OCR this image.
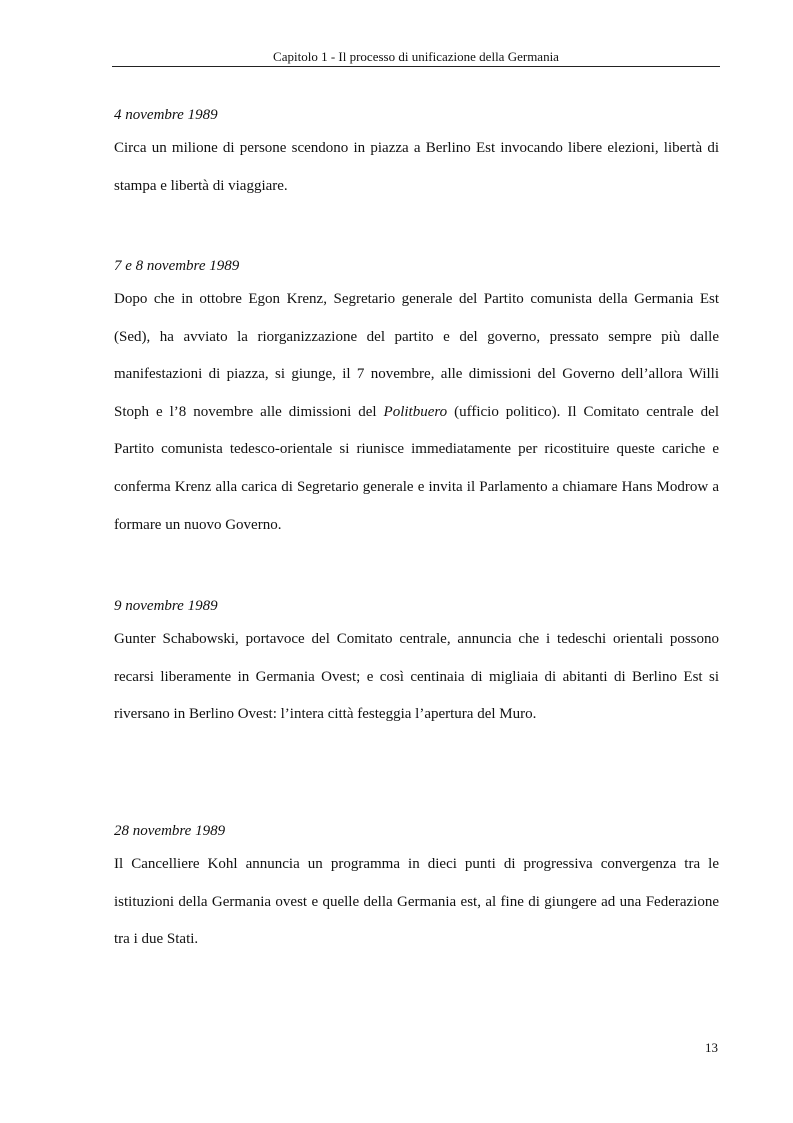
Capitolo 1 - Il processo di unificazione della Germania
4 novembre 1989

Circa un milione di persone scendono in piazza a Berlino Est invocando libere elezioni, libertà di stampa e libertà di viaggiare.

7 e 8 novembre 1989

Dopo che in ottobre Egon Krenz, Segretario generale del Partito comunista della Germania Est (Sed), ha avviato la riorganizzazione del partito e del governo, pressato sempre più dalle manifestazioni di piazza, si giunge, il 7 novembre, alle dimissioni del Governo dell’allora Willi Stoph e l’8 novembre alle dimissioni del Politbuero (ufficio politico). Il Comitato centrale del Partito comunista tedesco-orientale si riunisce immediatamente per ricostituire queste cariche e conferma Krenz alla carica di Segretario generale e invita il Parlamento a chiamare Hans Modrow a formare un nuovo Governo.

9 novembre 1989

Gunter Schabowski, portavoce del Comitato centrale, annuncia che i tedeschi orientali possono recarsi liberamente in Germania Ovest; e così centinaia di migliaia di abitanti di Berlino Est si riversano in Berlino Ovest: l’intera città festeggia l’apertura del Muro.

28 novembre 1989

Il Cancelliere Kohl annuncia un programma in dieci punti di progressiva convergenza tra le istituzioni della Germania ovest e quelle della Germania est, al fine di giungere ad una Federazione tra i due Stati.

13
